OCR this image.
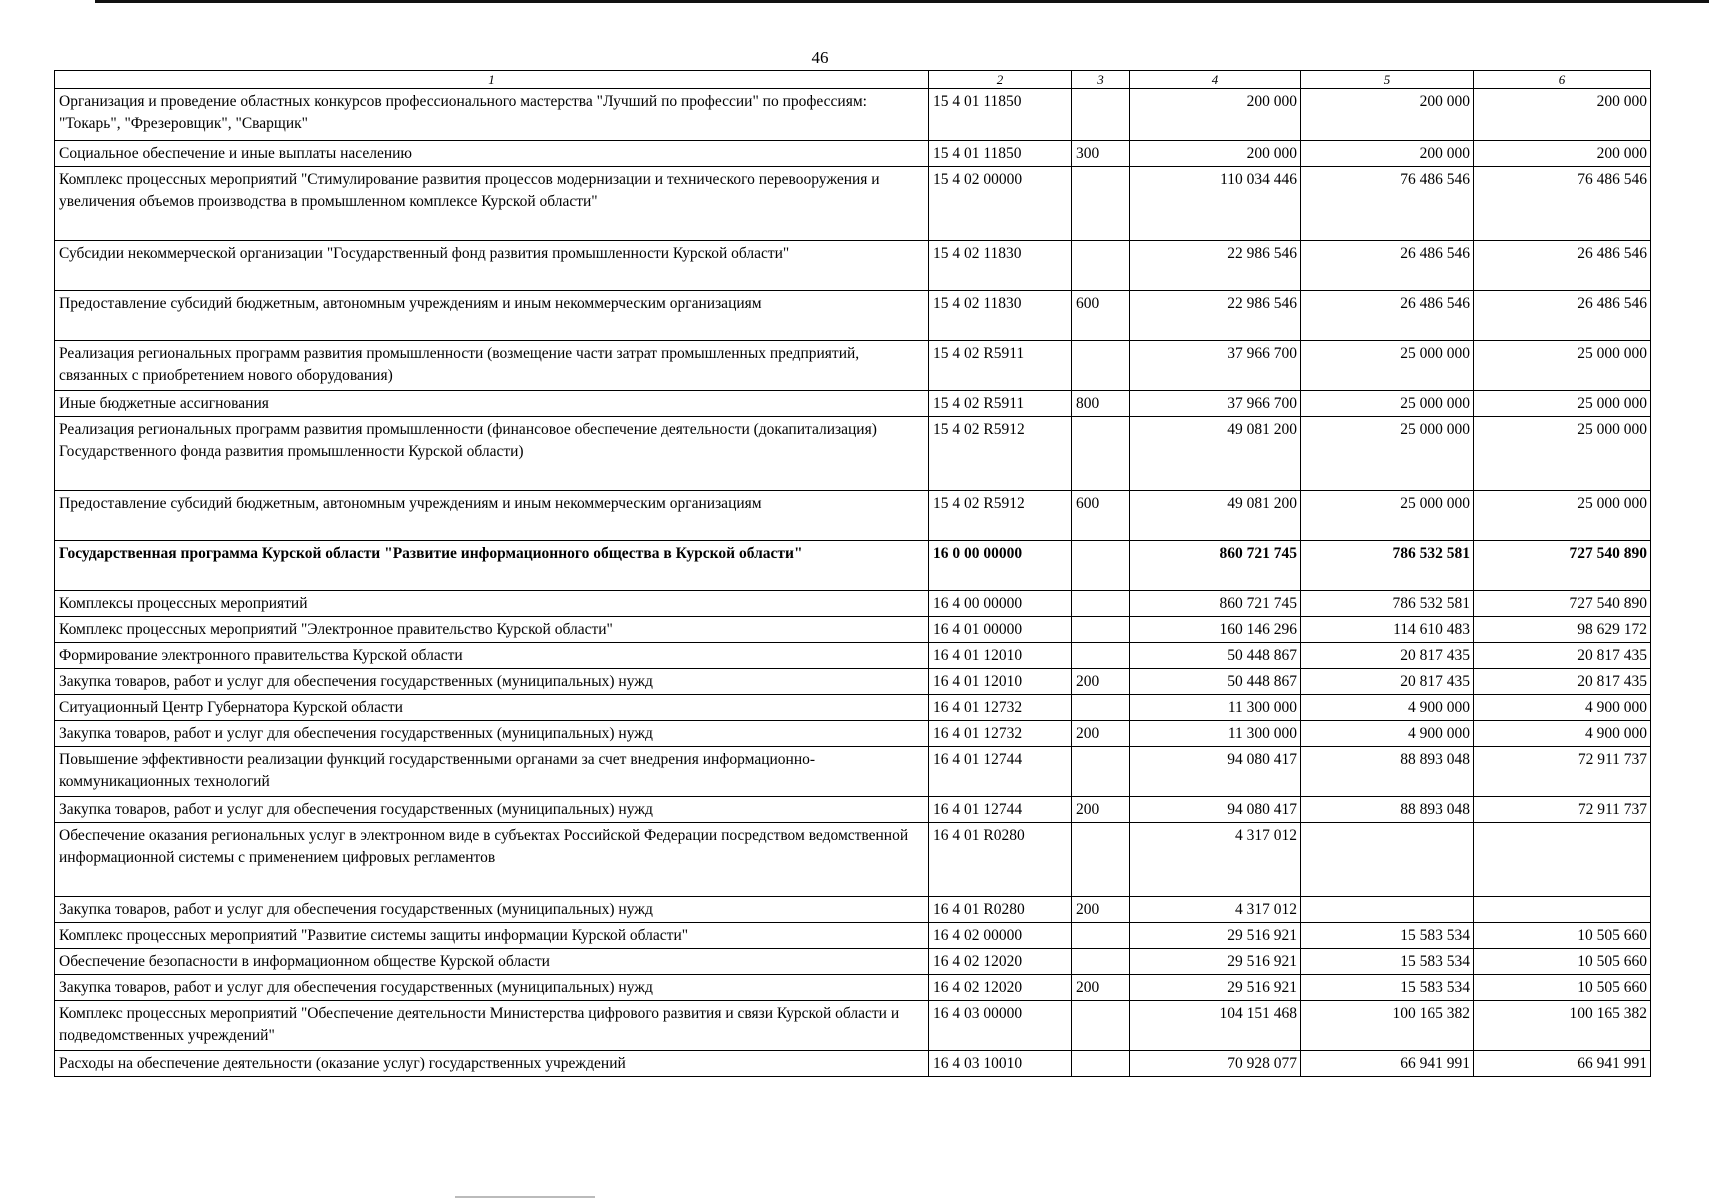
46
1	2	3	4	5	6
Организация и проведение областных конкурсов профессионального мастерства "Лучший по профессии" по профессиям: "Токарь", "Фрезеровщик", "Сварщик"	15 4 01 11850		200 000	200 000	200 000
Социальное обеспечение и иные выплаты населению	15 4 01 11850	300	200 000	200 000	200 000
Комплекс процессных мероприятий "Стимулирование развития процессов модернизации и технического перевооружения и увеличения объемов производства в промышленном комплексе Курской области"	15 4 02 00000		110 034 446	76 486 546	76 486 546
Субсидии некоммерческой организации "Государственный фонд развития промышленности Курской области"	15 4 02 11830		22 986 546	26 486 546	26 486 546
Предоставление субсидий бюджетным, автономным учреждениям и иным некоммерческим организациям	15 4 02 11830	600	22 986 546	26 486 546	26 486 546
Реализация региональных программ развития промышленности (возмещение части затрат промышленных предприятий, связанных с приобретением нового оборудования)	15 4 02 R5911		37 966 700	25 000 000	25 000 000
Иные бюджетные ассигнования	15 4 02 R5911	800	37 966 700	25 000 000	25 000 000
Реализация региональных программ развития промышленности (финансовое обеспечение деятельности (докапитализация) Государственного фонда развития промышленности Курской области)	15 4 02 R5912		49 081 200	25 000 000	25 000 000
Предоставление субсидий бюджетным, автономным учреждениям и иным некоммерческим организациям	15 4 02 R5912	600	49 081 200	25 000 000	25 000 000
Государственная программа Курской области "Развитие информационного общества в Курской области"	16 0 00 00000		860 721 745	786 532 581	727 540 890
Комплексы процессных мероприятий	16 4 00 00000		860 721 745	786 532 581	727 540 890
Комплекс процессных мероприятий "Электронное правительство Курской области"	16 4 01 00000		160 146 296	114 610 483	98 629 172
Формирование электронного правительства Курской области	16 4 01 12010		50 448 867	20 817 435	20 817 435
Закупка товаров, работ и услуг для обеспечения государственных (муниципальных) нужд	16 4 01 12010	200	50 448 867	20 817 435	20 817 435
Ситуационный Центр Губернатора Курской области	16 4 01 12732		11 300 000	4 900 000	4 900 000
Закупка товаров, работ и услуг для обеспечения государственных (муниципальных) нужд	16 4 01 12732	200	11 300 000	4 900 000	4 900 000
Повышение эффективности реализации функций государственными органами за счет внедрения информационно-коммуникационных технологий	16 4 01 12744		94 080 417	88 893 048	72 911 737
Закупка товаров, работ и услуг для обеспечения государственных (муниципальных) нужд	16 4 01 12744	200	94 080 417	88 893 048	72 911 737
Обеспечение оказания региональных услуг в электронном виде в субъектах Российской Федерации посредством ведомственной информационной системы с применением цифровых регламентов	16 4 01 R0280		4 317 012		
Закупка товаров, работ и услуг для обеспечения государственных (муниципальных) нужд	16 4 01 R0280	200	4 317 012		
Комплекс процессных мероприятий "Развитие системы защиты информации Курской области"	16 4 02 00000		29 516 921	15 583 534	10 505 660
Обеспечение безопасности в информационном обществе Курской области	16 4 02 12020		29 516 921	15 583 534	10 505 660
Закупка товаров, работ и услуг для обеспечения государственных (муниципальных) нужд	16 4 02 12020	200	29 516 921	15 583 534	10 505 660
Комплекс процессных мероприятий "Обеспечение деятельности Министерства цифрового развития и связи Курской области и подведомственных учреждений"	16 4 03 00000		104 151 468	100 165 382	100 165 382
Расходы на обеспечение деятельности (оказание услуг) государственных учреждений	16 4 03 10010		70 928 077	66 941 991	66 941 991
